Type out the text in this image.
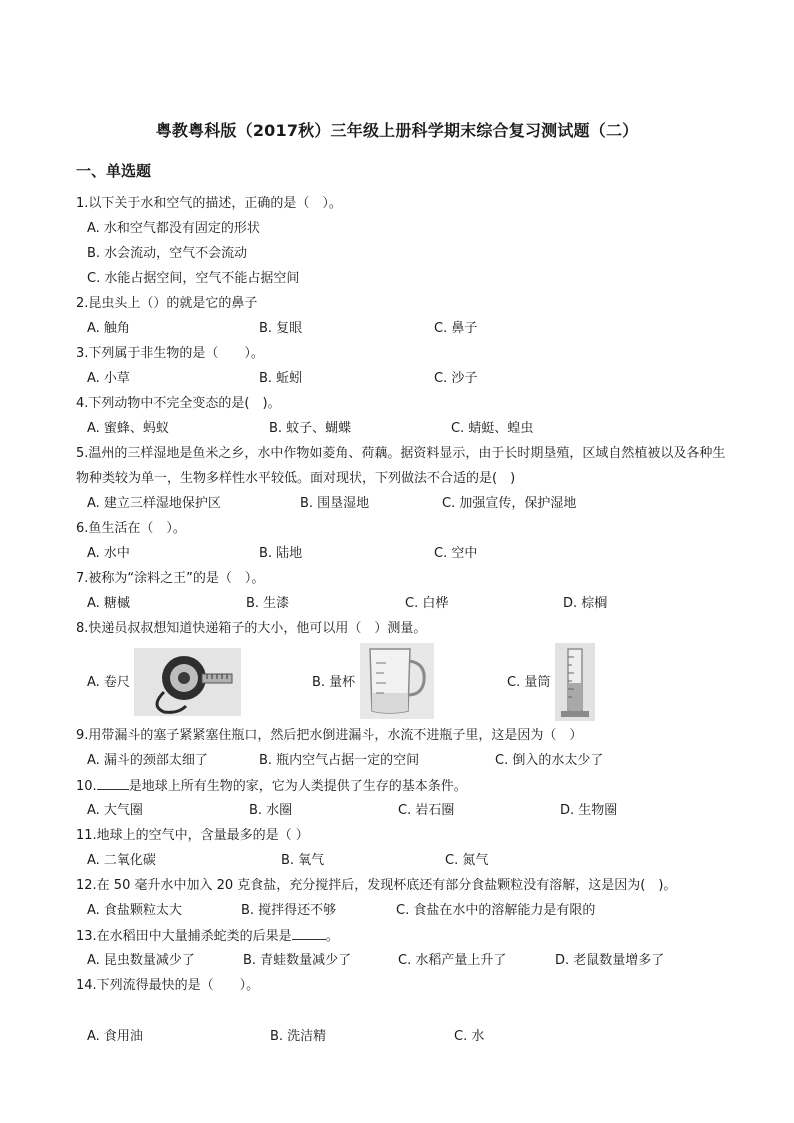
粤教粤科版（2017秋）三年级上册科学期末综合复习测试题（二）
一、单选题
1.以下关于水和空气的描述，正确的是（　）。
A. 水和空气都没有固定的形状
B. 水会流动，空气不会流动
C. 水能占据空间，空气不能占据空间
2.昆虫头上（）的就是它的鼻子
A. 触角	B. 复眼	C. 鼻子
3.下列属于非生物的是（　　）。
A. 小草	B. 蚯蚓	C. 沙子
4.下列动物中不完全变态的是(　)。
A. 蜜蜂、蚂蚁	B. 蚊子、蝴蝶	C. 蜻蜓、蝗虫
5.温州的三样湿地是鱼米之乡，水中作物如菱角、荷藕。据资料显示，由于长时期垦殖，区域自然植被以及各种生物种类较为单一，生物多样性水平较低。面对现状，下列做法不合适的是(　)
A. 建立三样湿地保护区	B. 围垦湿地	C. 加强宣传，保护湿地
6.鱼生活在（　）。
A. 水中	B. 陆地	C. 空中
7.被称为“涂料之王”的是（　）。
A. 糖槭	B. 生漆	C. 白桦	D. 棕榈
8.快递员叔叔想知道快递箱子的大小，他可以用（　）测量。
A. 卷尺	B. 量杯	C. 量筒
9.用带漏斗的塞子紧紧塞住瓶口，然后把水倒进漏斗，水流不进瓶子里，这是因为（　）
A. 漏斗的颈部太细了	B. 瓶内空气占据一定的空间	C. 倒入的水太少了
10. 是地球上所有生物的家，它为人类提供了生存的基本条件。
A. 大气圈	B. 水圈	C. 岩石圈	D. 生物圈
11.地球上的空气中，含量最多的是（ ）
A. 二氧化碳	B. 氧气	C. 氮气
12.在 50 毫升水中加入 20 克食盐，充分搅拌后，发现杯底还有部分食盐颗粒没有溶解，这是因为(　)。
A. 食盐颗粒太大	B. 搅拌得还不够	C. 食盐在水中的溶解能力是有限的
13.在水稻田中大量捕杀蛇类的后果是	。
A. 昆虫数量减少了	B. 青蛙数量减少了	C. 水稻产量上升了	D. 老鼠数量增多了
14.下列流得最快的是（　　）。
A. 食用油	B. 洗洁精	C. 水
